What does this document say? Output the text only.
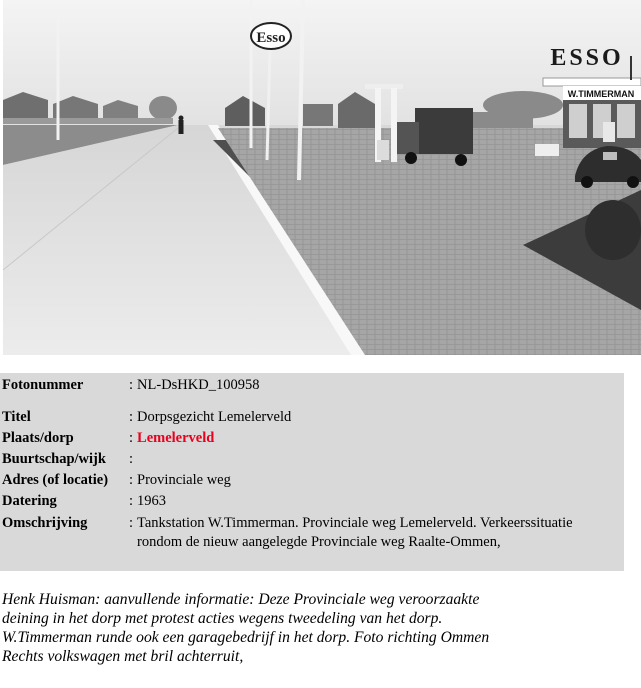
Esso
W.TIMMERMAN
ESSO
Fotonummer	: NL-DsHKD_100958
Titel	: Dorpsgezicht Lemelerveld
Plaats/dorp	: Lemelerveld
Buurtschap/wijk :
Adres (of locatie) : Provinciale weg
Datering	: 1963
Omschrijving	: Tankstation W.Timmerman. Provinciale weg Lemelerveld. Verkeerssituatie rondom de nieuw aangelegde Provinciale weg Raalte-Ommen,
Henk Huisman: aanvullende informatie: Deze Provinciale weg veroorzaakte
deining in het dorp met protest acties wegens tweedeling van het dorp.
W.Timmerman runde ook een garagebedrijf in het dorp. Foto richting Ommen
Rechts volkswagen met bril achterruit,
